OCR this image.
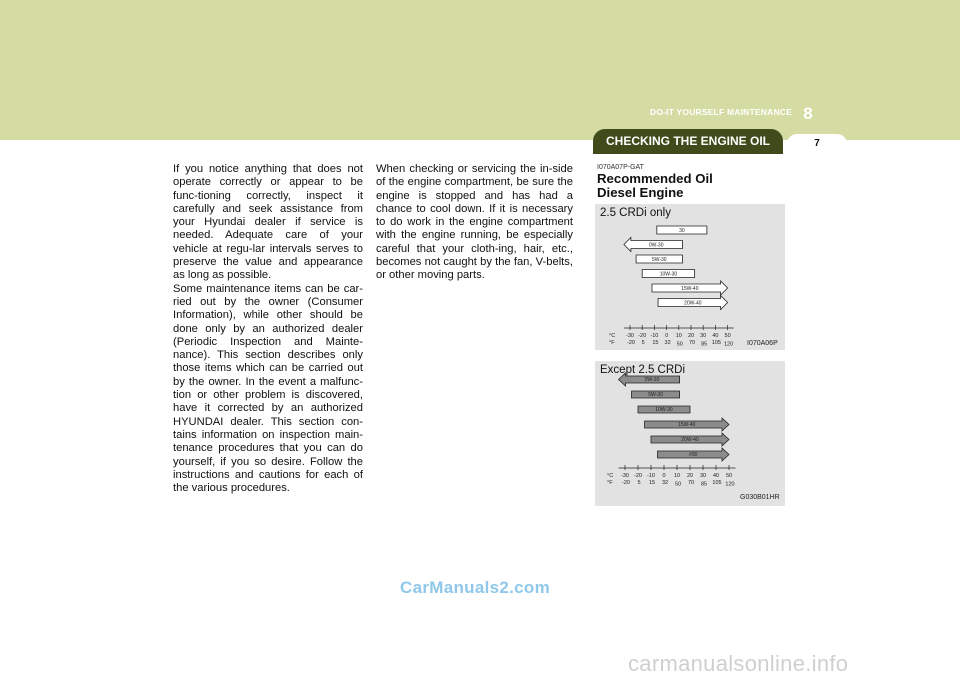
DO-IT YOURSELF MAINTENANCE 8
CHECKING THE ENGINE OIL	7

If you notice anything that does not operate correctly or appear to be func-tioning correctly, inspect it carefully and seek assistance from your Hyundai dealer if service is needed. Adequate care of your vehicle at regu-lar intervals serves to preserve the value and appearance as long as possible.

Some maintenance items can be car-ried out by the owner (Consumer Information), while other should be done only by an authorized dealer (Periodic Inspection and Mainte-nance). This section describes only those items which can be carried out by the owner. In the event a malfunc-tion or other problem is discovered, have it corrected by an authorized HYUNDAI dealer. This section con-tains information on inspection main-tenance procedures that you can do yourself, if you so desire. Follow the instructions and cautions for each of the various procedures.

When checking or servicing the in-side of the engine compartment, be sure the engine is stopped and has had a chance to cool down. If it is necessary to do work in the engine compartment with the engine running, be especially careful that your cloth-ing, hair, etc., becomes not caught by the fan, V-belts, or other moving parts.

I070A07P-GAT
Recommended Oil
Diesel Engine
2.5 CRDi only
30
0W-30
5W-30
10W-30
15W-40
20W-40
°C
°F
-30
-20
-20
5
-10
15
0
32
10
50
20
70
30
85
40
105
50
120 I070A06P
Except 2.5 CRDi
0W-30
5W-30
10W-30
15W-40
20W-40
#30
°C
°F
-30
-20
-20
5
-10
15
0
32
10
50
20
70
30
85
40
105
50
120
G030B01HR
CarManuals2.com
carmanualsonline.info
